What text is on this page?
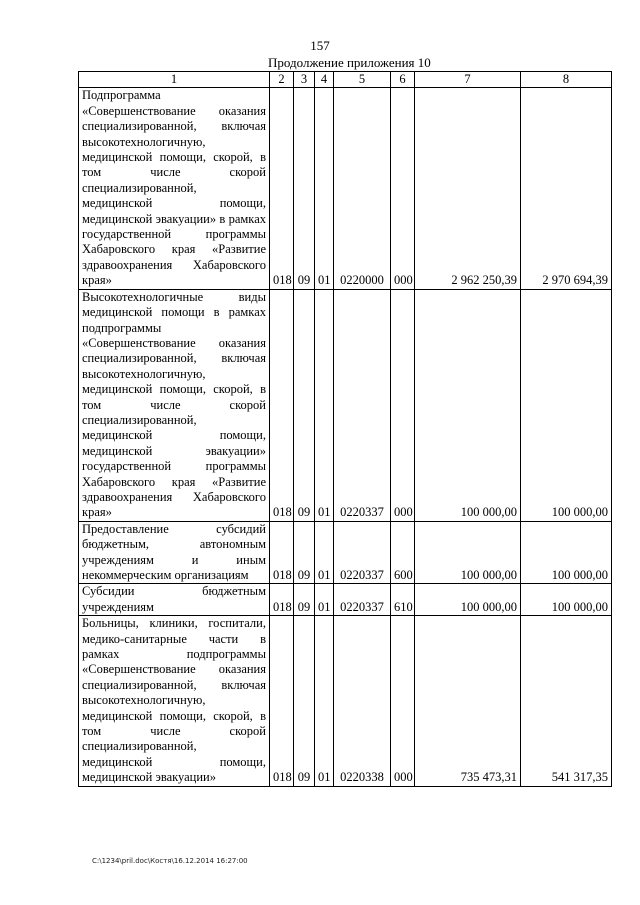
157
Продолжение приложения 10
1	2	3	4	5	6	7	8
Подпрограмма «Совершенствование оказания специализированной, включая высокотехнологичную, медицинской помощи, скорой, в том числе скорой специализированной, медицинской помощи, медицинской эвакуации» в рамках государственной программы Хабаровского края «Развитие здравоохранения Хабаровского края»	018	09	01	0220000	000	2 962 250,39	2 970 694,39
Высокотехнологичные виды медицинской помощи в рамках подпрограммы «Совершенствование оказания специализированной, включая высокотехнологичную, медицинской помощи, скорой, в том числе скорой специализированной, медицинской помощи, медицинской эвакуации» государственной программы Хабаровского края «Развитие здравоохранения Хабаровского края»	018	09	01	0220337	000	100 000,00	100 000,00
Предоставление субсидий бюджетным, автономным учреждениям и иным некоммерческим организациям	018	09	01	0220337	600	100 000,00	100 000,00
Субсидии бюджетным учреждениям	018	09	01	0220337	610	100 000,00	100 000,00
Больницы, клиники, госпитали, медико-санитарные части в рамках подпрограммы «Совершенствование оказания специализированной, включая высокотехнологичную, медицинской помощи, скорой, в том числе скорой специализированной, медицинской помощи, медицинской эвакуации»	018	09	01	0220338	000	735 473,31	541 317,35
C:\1234\pril.doc\Костя\16.12.2014 16:27:00
